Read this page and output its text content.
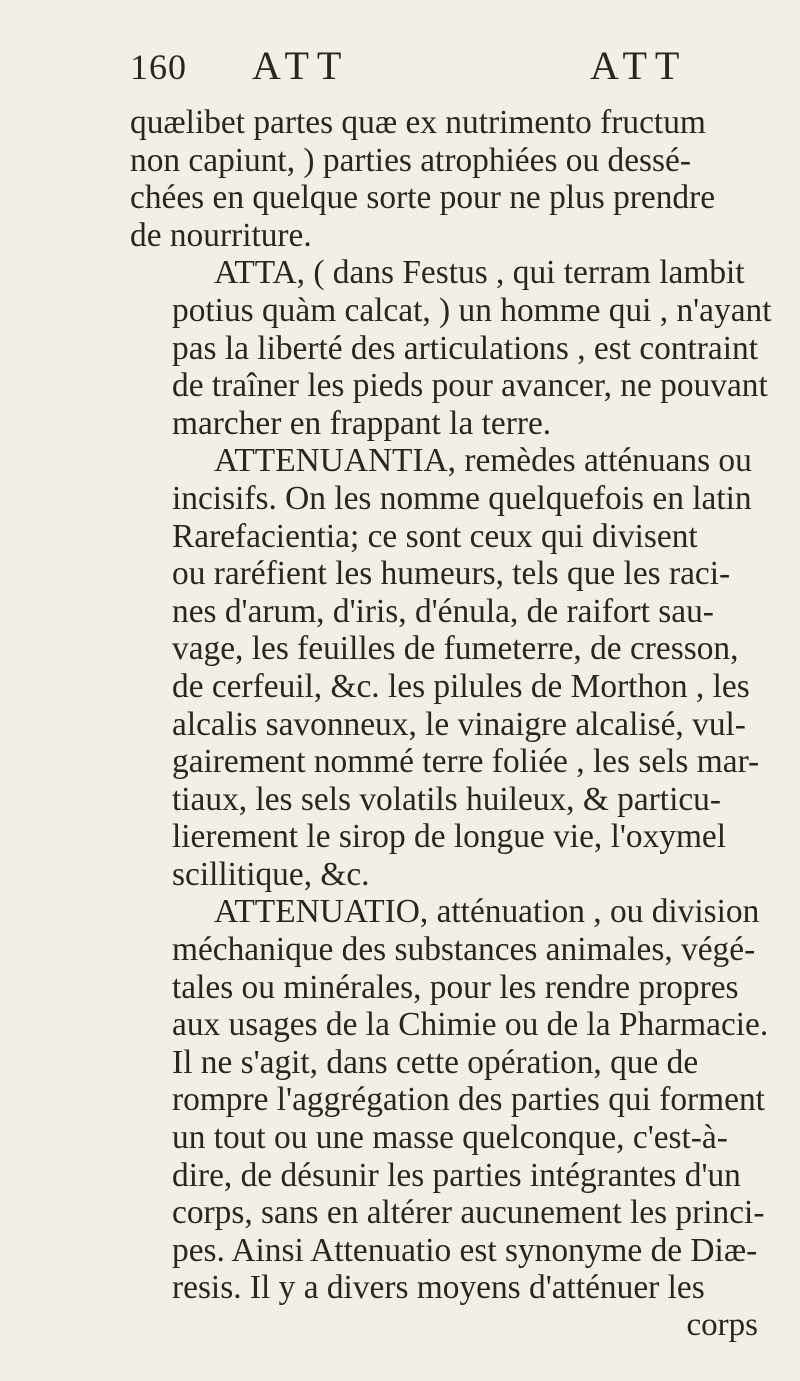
160 ATT	ATT

quælibet partes quæ ex nutrimento fructum
non capiunt, ) parties atrophiées ou dessé-
chées en quelque sorte pour ne plus prendre
de nourriture.

ATTA, ( dans Festus , qui terram lambit
potius quàm calcat, ) un homme qui , n'ayant
pas la liberté des articulations , est contraint
de traîner les pieds pour avancer, ne pouvant
marcher en frappant la terre.

ATTENUANTIA, remèdes atténuans ou
incisifs. On les nomme quelquefois en latin
Rarefacientia; ce sont ceux qui divisent
ou raréfient les humeurs, tels que les raci-
nes d'arum, d'iris, d'énula, de raifort sau-
vage, les feuilles de fumeterre, de cresson,
de cerfeuil, &c. les pilules de Morthon , les
alcalis savonneux, le vinaigre alcalisé, vul-
gairement nommé terre foliée , les sels mar-
tiaux, les sels volatils huileux, & particu-
lierement le sirop de longue vie, l'oxymel
scillitique, &c.

ATTENUATIO, atténuation , ou division
méchanique des substances animales, végé-
tales ou minérales, pour les rendre propres
aux usages de la Chimie ou de la Pharmacie.
Il ne s'agit, dans cette opération, que de
rompre l'aggrégation des parties qui forment
un tout ou une masse quelconque, c'est-à-
dire, de désunir les parties intégrantes d'un
corps, sans en altérer aucunement les princi-
pes. Ainsi Attenuatio est synonyme de Diæ-
resis. Il y a divers moyens d'atténuer les

corps
